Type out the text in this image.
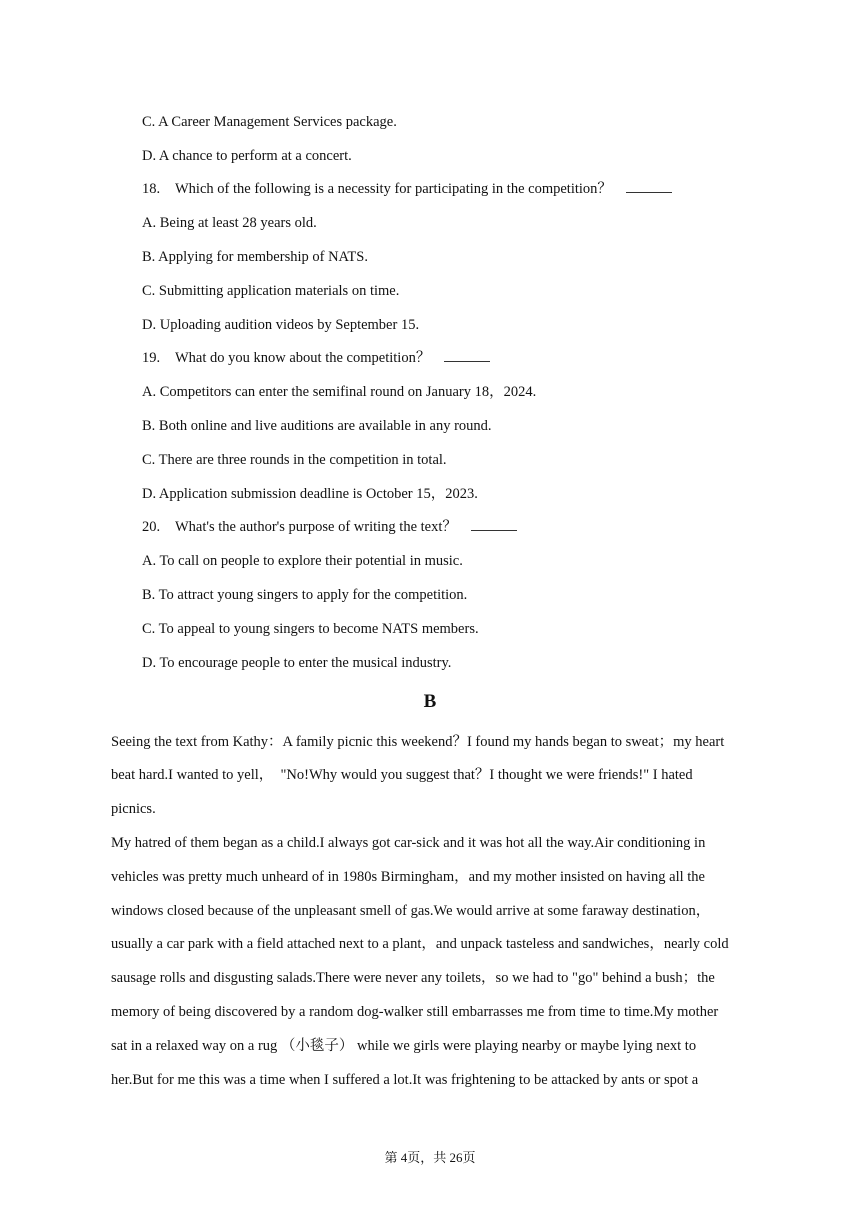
C. A Career Management Services package.
D. A chance to perform at a concert.
18. Which of the following is a necessity for participating in the competition？
A. Being at least 28 years old.
B. Applying for membership of NATS.
C. Submitting application materials on time.
D. Uploading audition videos by September 15.
19. What do you know about the competition？
A. Competitors can enter the semifinal round on January 18，2024.
B. Both online and live auditions are available in any round.
C. There are three rounds in the competition in total.
D. Application submission deadline is October 15，2023.
20. What's the author's purpose of writing the text？
A. To call on people to explore their potential in music.
B. To attract young singers to apply for the competition.
C. To appeal to young singers to become NATS members.
D. To encourage people to enter the musical industry.
B
Seeing the text from Kathy：A family picnic this weekend？I found my hands began to sweat；my heart
beat hard.I wanted to yell，  "No!Why would you suggest that？I thought we were friends!" I hated
picnics.
My hatred of them began as a child.I always got car-sick and it was hot all the way.Air conditioning in
vehicles was pretty much unheard of in 1980s Birmingham，and my mother insisted on having all the
windows closed because of the unpleasant smell of gas.We would arrive at some faraway destination，
usually a car park with a field attached next to a plant，and unpack tasteless and sandwiches，nearly cold
sausage rolls and disgusting salads.There were never any toilets，so we had to "go" behind a bush；the
memory of being discovered by a random dog-walker still embarrasses me from time to time.My mother
sat in a relaxed way on a rug （小毯子） while we girls were playing nearby or maybe lying next to
her.But for me this was a time when I suffered a lot.It was frightening to be attacked by ants or spot a
第 4页，共 26页
